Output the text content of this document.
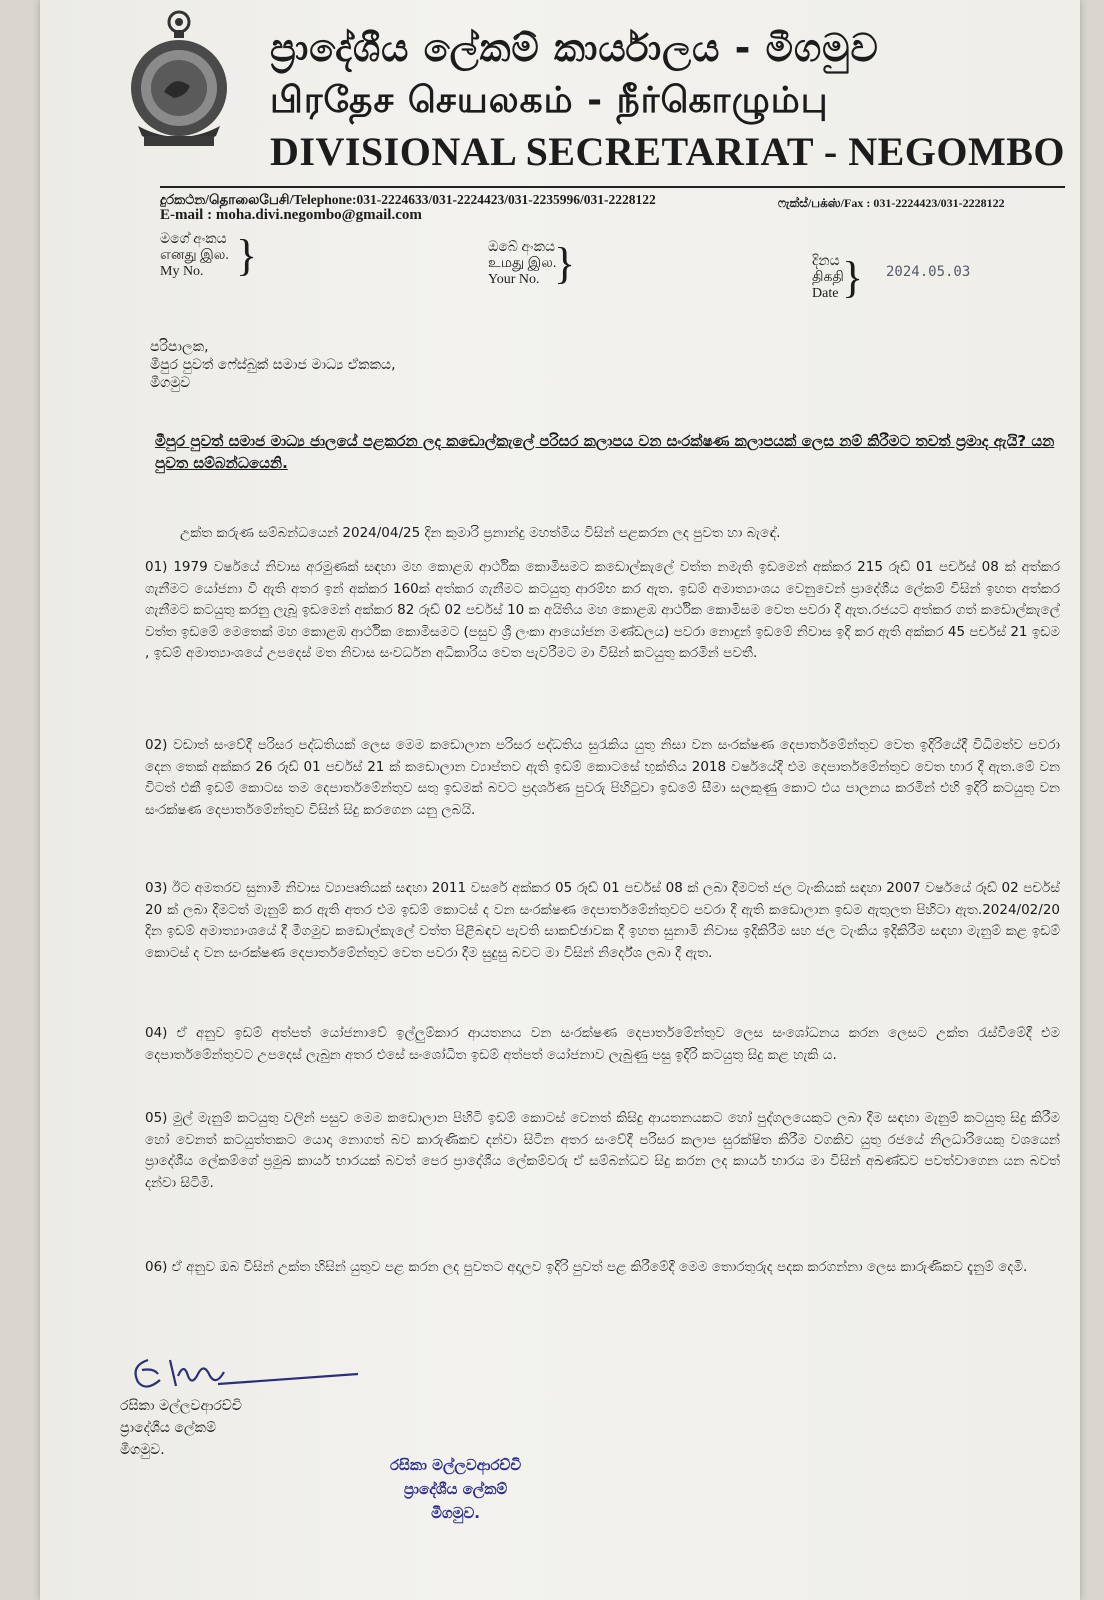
ප්‍රාදේශීය ලේකම් කාර්යාලය - මීගමුව
பிரதேச செயலகம் - நீர்கொழும்பு
DIVISIONAL SECRETARIAT - NEGOMBO
දුරකථන/தொலைபேசி/Telephone:031-2224633/031-2224423/031-2235996/031-2228122	ෆැක්ස්/பக்ஸ்/Fax : 031-2224423/031-2228122
E-mail : moha.divi.negombo@gmail.com
මගේ අංකය
எனது இல.
My No. }	ඔබේ අංකය
உமது இல.
Your No. }	දිනය
திகதி
Date } 2024.05.03
පරිපාලක,
මීපුර පුවත් ෆේස්බුක් සමාජ මාධ්‍ය ඒකකය,
මීගමුව
මීපුර පුවත් සමාජ මාධ්‍ය ජාලයේ පළකරන ලද කඩොල්කැලේ පරිසර කලාපය වන සංරක්ෂණ කලාපයක් ලෙස නම් කිරීමට තවත් ප්‍රමාද ඇයි? යන පුවත සම්බන්ධයෙනි.
උක්ත කරුණ සම්බන්ධයෙන් 2024/04/25 දින කුමාරි ප්‍රනාන්දු මහත්මිය විසින් පළකරන ලද පුවත හා බැඳේ.
01) 1979 වර්ෂයේ නිවාස අරමුණක් සඳහා මහ කොළඹ ආර්ථික කොමිසමට කඩොල්කැලේ වත්ත නමැති ඉඩමෙන් අක්කර 215 රූඩ් 01 පර්චස් 08 ක් අත්කර ගැනීමට යෝජනා වී ඇති අතර ඉන් අක්කර 160ක් අත්කර ගැනීමට කටයුතු ආරම්භ කර ඇත. ඉඩම් අමාත්‍යාංශය වෙනුවෙන් ප්‍රාදේශීය ලේකම් විසින් ඉහත අත්කර ගැනීමට කටයුතු කරනු ලැබූ ඉඩමෙන් අක්කර 82 රූඩ් 02 පර්චස් 10 ක අයිතිය මහ කොළඹ ආර්ථික කොමිසම වෙත පවරා දී ඇත.රජයට අත්කර ගත් කඩොල්කැලේ වත්ත ඉඩමේ මෙතෙක් මහ කොළඹ ආර්ථික කොමිසමට (පසුව ශ්‍රී ලංකා ආයෝජන මණ්ඩලය) පවරා නොදුන් ඉඩමේ නිවාස ඉදි කර ඇති අක්කර 45 පර්චස් 21 ඉඩම , ඉඩම් අමාත්‍යාංශයේ උපදෙස් මත නිවාස සංවර්ධන අධිකාරිය වෙත පැවරීමට මා විසින් කටයුතු කරමින් පවතී.
02) වඩාත් සංවේදී පරිසර පද්ධතියක් ලෙස මෙම කඩොලාන පරිසර පද්ධතිය සුරැකිය යුතු නිසා වන සංරක්ෂණ දෙපාර්තමේන්තුව වෙත ඉදිරියේදී විධිමත්ව පවරා දෙන තෙක් අක්කර 26 රූඩ් 01 පර්චස් 21 ක් කඩොලාන ව්‍යාප්තව ඇති ඉඩම් කොටසේ භුක්තිය 2018 වර්ෂයේදී එම දෙපාර්තමේන්තුව වෙත භාර දී ඇත.මේ වන විටත් එකී ඉඩම් කොටස තම දෙපාර්තමේන්තුව සතු ඉඩමක් බවට ප්‍රදර්ශණ පුවරු පිහිටුවා ඉඩමේ සීමා සලකුණු කොට එය පාලනය කරමින් එහි ඉදිරි කටයුතු වන සංරක්ෂණ දෙපාර්තමේන්තුව විසින් සිදු කරගෙන යනු ලබයි.
03) ඊට අමතරව සුනාමි නිවාස ව්‍යාපෘතියක් සඳහා 2011 වසරේ අක්කර 05 රූඩ් 01 පර්චස් 08 ක් ලබා දීමටත් ජල ටැංකියක් සඳහා 2007 වර්ෂයේ රූඩ් 02 පර්චස් 20 ක් ලබා දීමටත් මැනුම් කර ඇති අතර එම ඉඩම් කොටස් ද වන සංරක්ෂණ දෙපාර්තමේන්තුවට පවරා දී ඇති කඩොලාන ඉඩම ඇතුලත පිහිටා ඇත.2024/02/20 දින ඉඩම් අමාත්‍යාංශයේ දී මීගමුව කඩොල්කැලේ වත්ත පිළිබඳව පැවති සාකච්ඡාවක දී ඉහත සුනාමි නිවාස ඉදිකිරීම සහ ජල ටැංකිය ඉදිකිරීම සඳහා මැනුම් කළ ඉඩම් කොටස් ද වන සංරක්ෂණ දෙපාර්තමේන්තුව වෙත පවරා දීම සුදුසු බවට මා විසින් නිර්දේශ ලබා දී ඇත.
04) ඒ අනුව ඉඩම් අත්පත් යෝජනාවේ ඉල්ලුම්කාර ආයතනය වන සංරක්ෂණ දෙපාර්තමේන්තුව ලෙස සංශෝධනය කරන ලෙසට උක්ත රැස්වීමේදී එම දෙපාර්තමේන්තුවට උපදෙස් ලැබුන අතර එසේ සංශෝධිත ඉඩම් අත්පත් යෝජනාව ලැබුණු පසු ඉදිරි කටයුතු සිදු කළ හැකි ය.
05) මුල් මැනුම් කටයුතු වලින් පසුව මෙම කඩොලාන පිහිටි ඉඩම් කොටස් වෙනත් කිසිදු ආයතනයකට හෝ පුද්ගලයෙකුට ලබා දීම සඳහා මැනුම් කටයුතු සිදු කිරීම හෝ වෙනත් කටයුත්තකට යොදා නොගත් බව කාරුණිකව දන්වා සිටින අතර සංවේදී පරිසර කලාප සුරක්ෂිත කිරීම වගකිව යුතු රජයේ නිලධාරියෙකු වශයෙන් ප්‍රාදේශීය ලේකම්ගේ ප්‍රමුඛ කාර්ය භාරයක් බවත් පෙර ප්‍රාදේශීය ලේකම්වරු ඒ සම්බන්ධව සිදු කරන ලද කාර්ය භාරය මා විසින් අඛණ්ඩව පවත්වාගෙන යන බවත් දන්වා සිටිමි.
06) ඒ අනුව ඔබ විසින් උක්ත හිසින් යුතුව පළ කරන ලද පුවතට අදාලව ඉදිරි පුවත් පළ කිරීමේදී මෙම තොරතුරුද පදක කරගන්නා ලෙස කාරුණිකව දැනුම් දෙමි.
රසිකා මල්ලවආරච්චි
ප්‍රාදේශීය ලේකම්
මීගමුව.
රසිකා මල්ලවආරච්චි
ප්‍රාදේශීය ලේකම්
මීගමුව.
